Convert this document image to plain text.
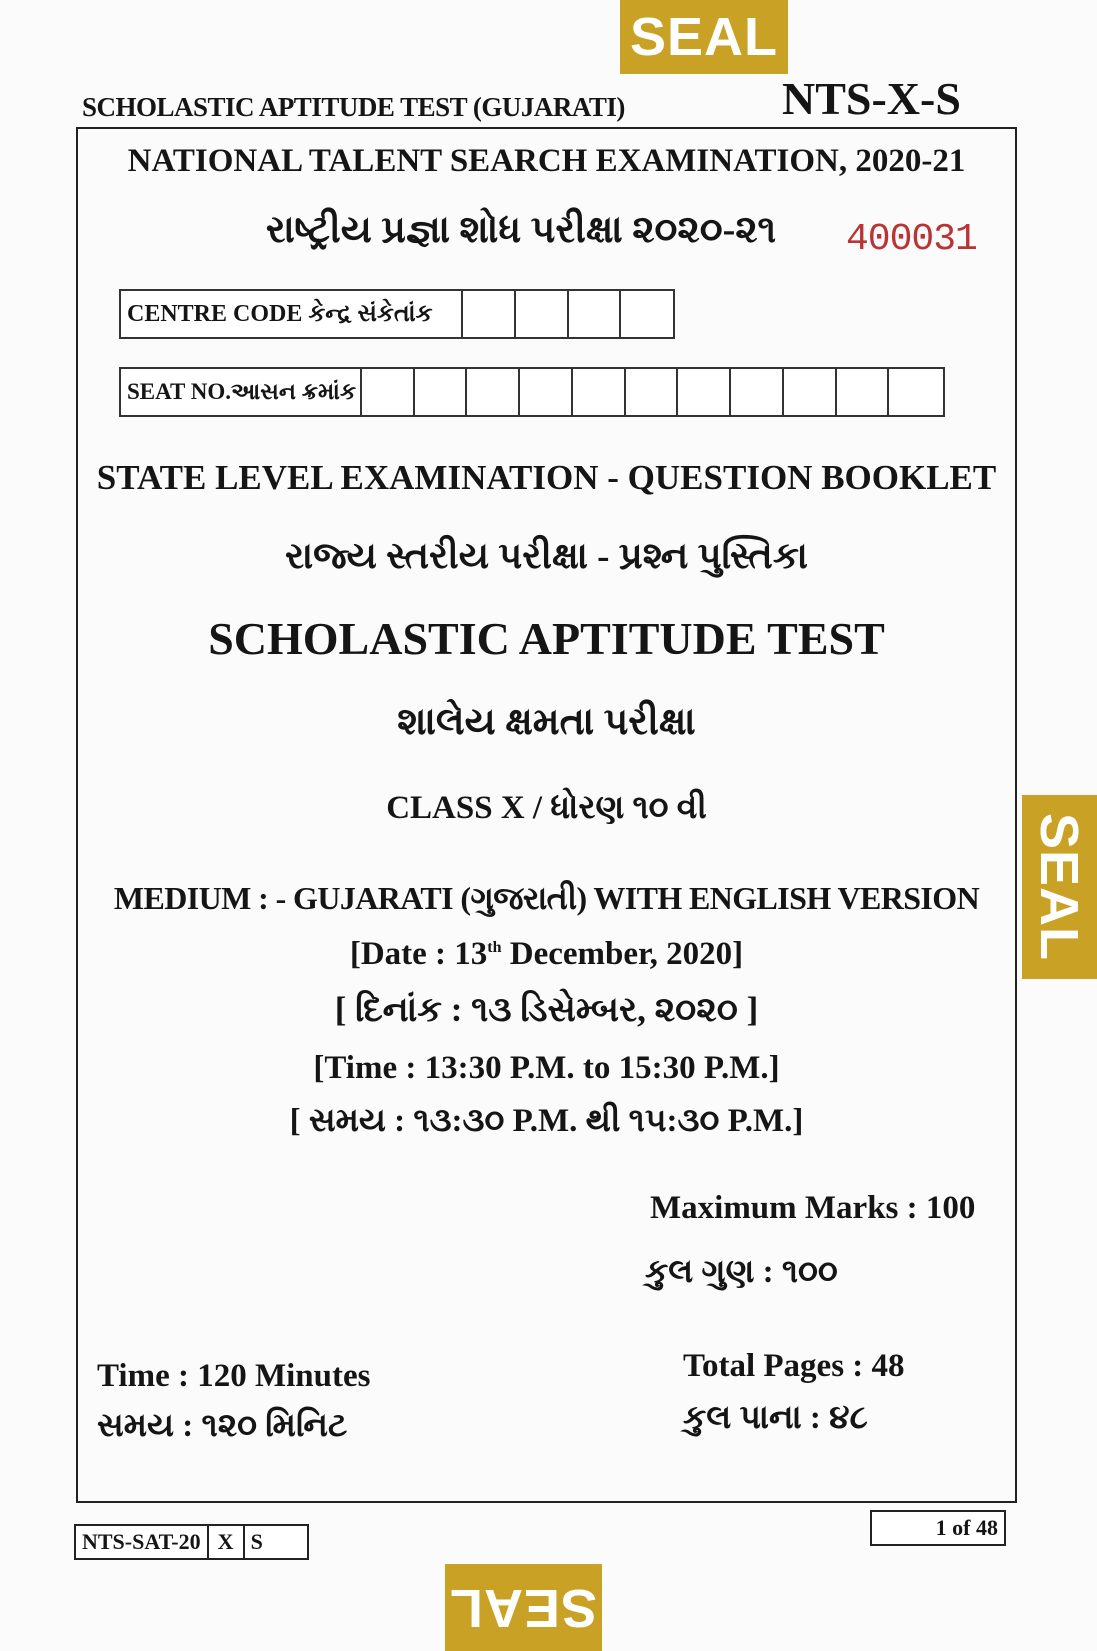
SEAL
SEAL
SEAL
SCHOLASTIC APTITUDE TEST (GUJARATI)	NTS-X-S
NATIONAL TALENT SEARCH EXAMINATION, 2020-21
રાષ્ટ્રીય પ્રજ્ઞા શોધ પરીક્ષા ૨૦૨૦-૨૧	400031
CENTRE CODE કેન્દ્ર સંકેતાંક
SEAT NO.આસન ક્રમાંક
STATE LEVEL EXAMINATION - QUESTION BOOKLET
રાજ્ય સ્તરીય પરીક્ષા - પ્રશ્ન પુસ્તિકા
SCHOLASTIC APTITUDE TEST
શાલેય ક્ષમતા પરીક્ષા
CLASS X / ધોરણ ૧૦ વી
MEDIUM : - GUJARATI (ગુજરાતી) WITH ENGLISH VERSION
[Date : 13th December, 2020]
[ દિનાંક : ૧૩ ડિસેમ્બર, ૨૦૨૦ ]
[Time : 13:30 P.M. to 15:30 P.M.]
[ સમય : ૧૩:૩૦ P.M. થી ૧૫:૩૦ P.M.]
Maximum Marks : 100
કુલ ગુણ : ૧૦૦
Time : 120 Minutes
સમય : ૧૨૦ મિનિટ
Total Pages : 48
કુલ પાના : ૪૮
NTS-SAT-20 X S
1 of 48
